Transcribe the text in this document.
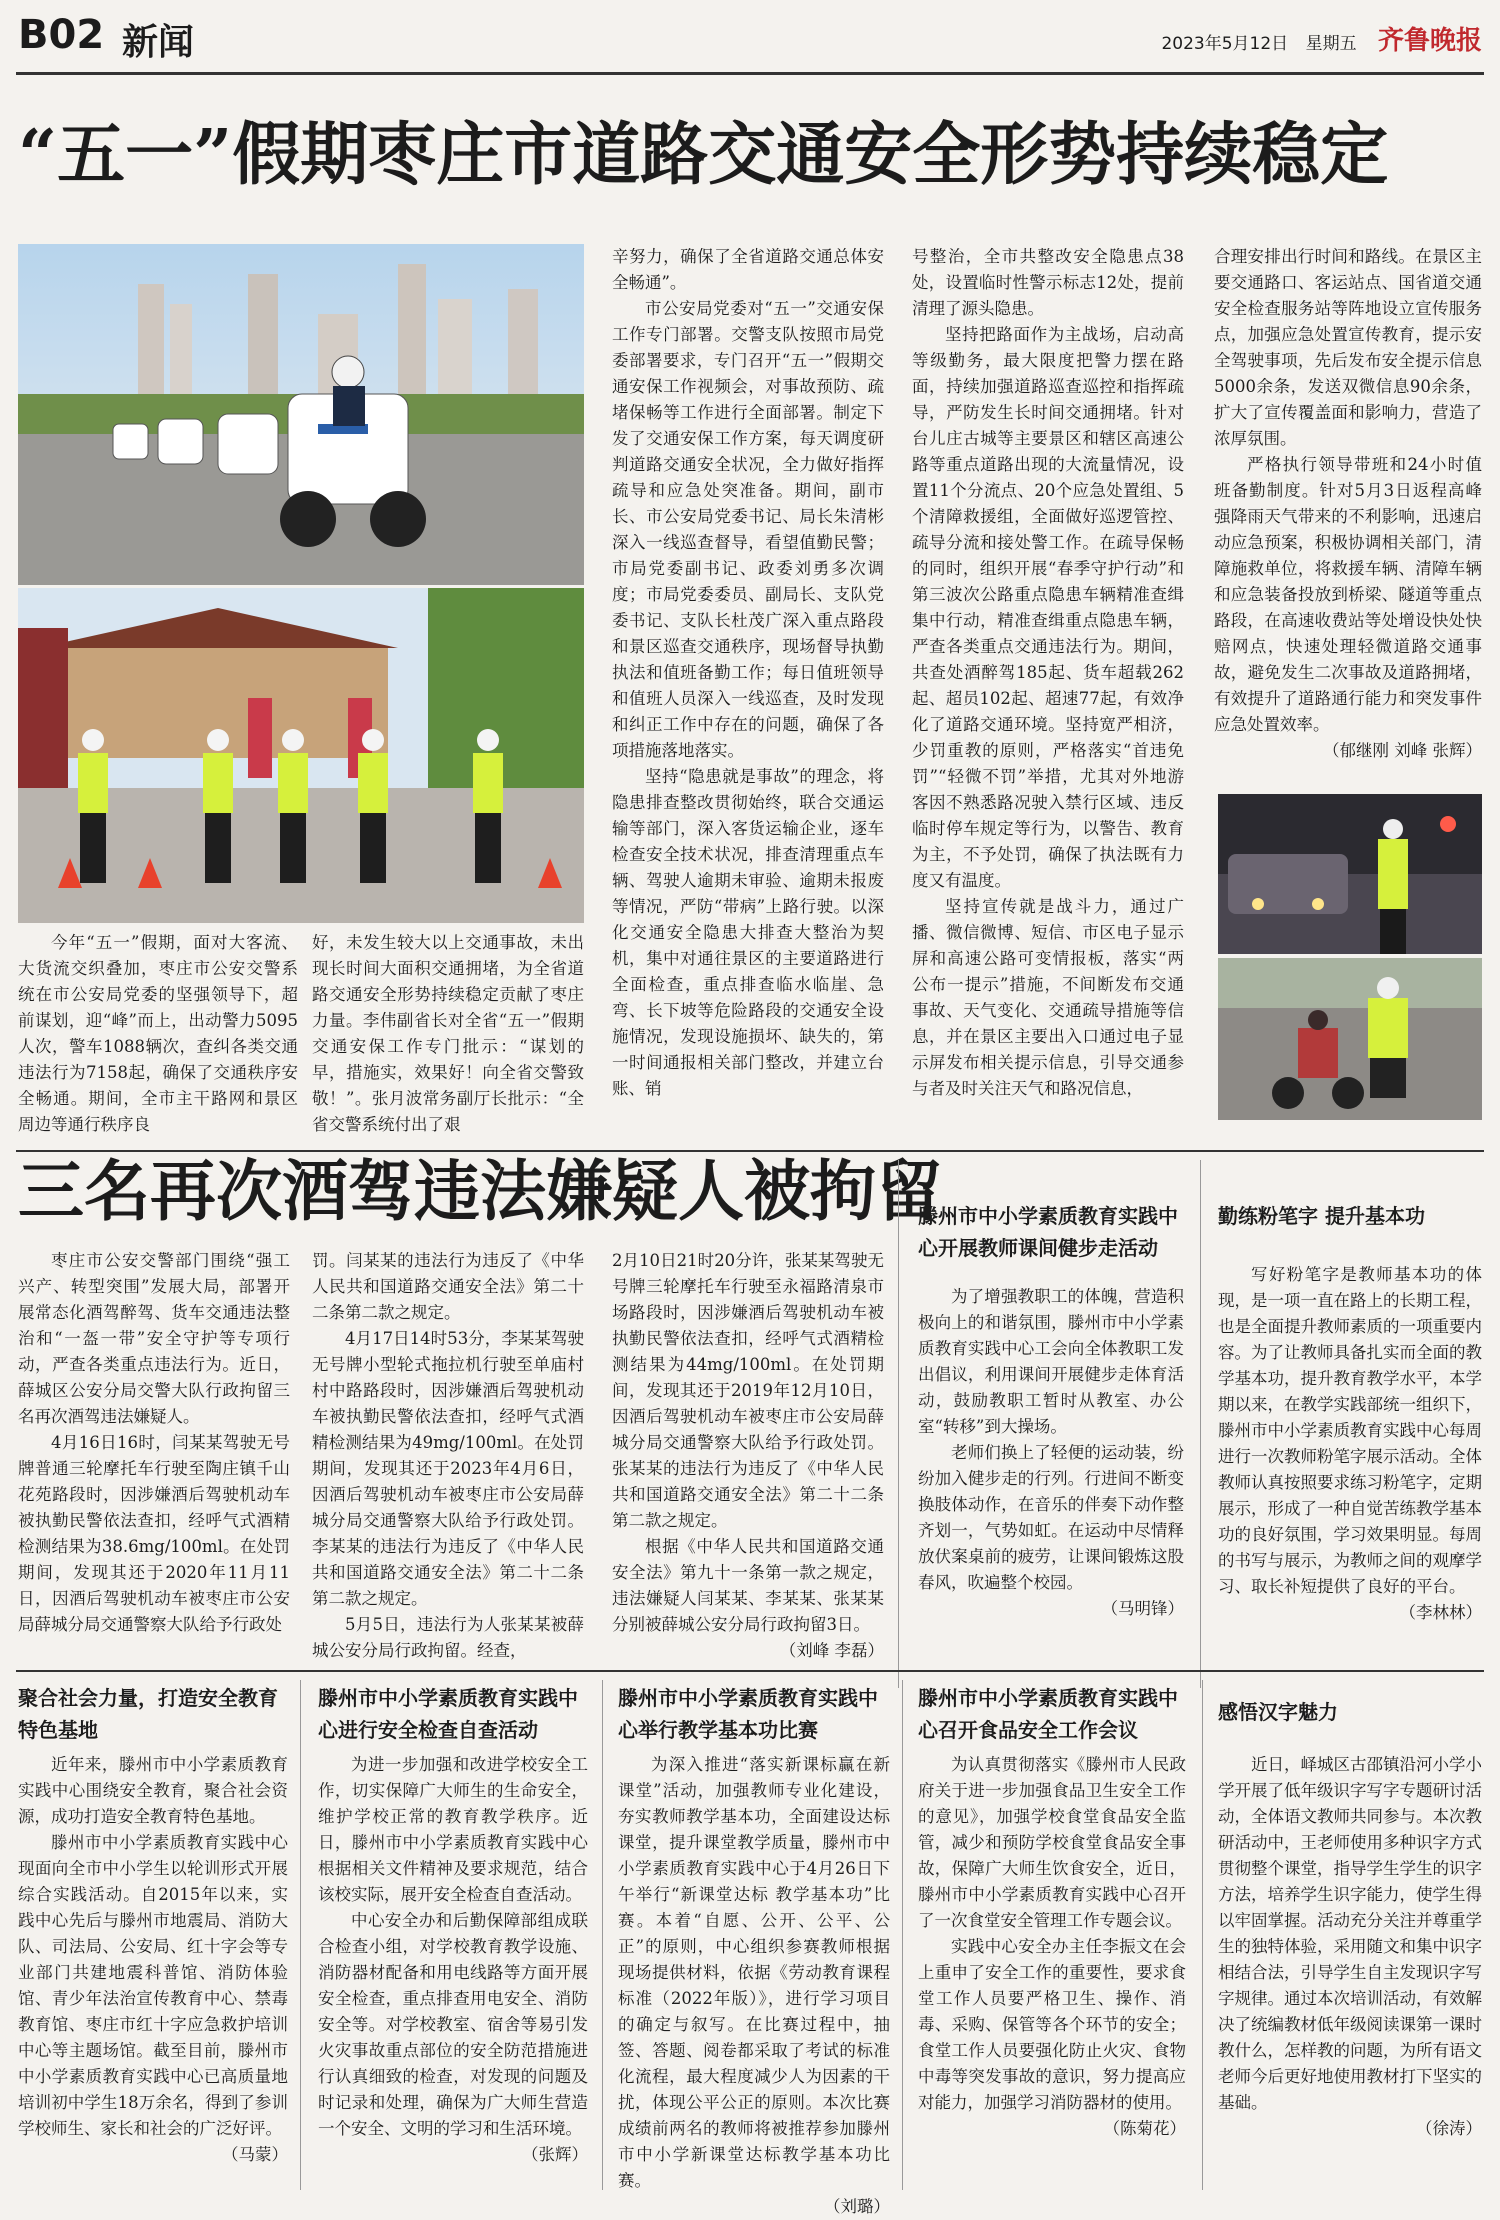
B02 新闻	2023年5月12日 星期五 齐鲁晚报
“五一”假期枣庄市道路交通安全形势持续稳定

今年“五一”假期，面对大客流、大货流交织叠加，枣庄市公安交警系统在市公安局党委的坚强领导下，超前谋划，迎“峰”而上，出动警力5095人次，警车1088辆次，查纠各类交通违法行为7158起，确保了交通秩序安全畅通。期间，全市主干路网和景区周边等通行秩序良

好，未发生较大以上交通事故，未出现长时间大面积交通拥堵，为全省道路交通安全形势持续稳定贡献了枣庄力量。李伟副省长对全省“五一”假期交通安保工作专门批示：“谋划的早，措施实，效果好！向全省交警致敬！”。张月波常务副厅长批示：“全省交警系统付出了艰

辛努力，确保了全省道路交通总体安全畅通”。

市公安局党委对“五一”交通安保工作专门部署。交警支队按照市局党委部署要求，专门召开“五一”假期交通安保工作视频会，对事故预防、疏堵保畅等工作进行全面部署。制定下发了交通安保工作方案，每天调度研判道路交通安全状况，全力做好指挥疏导和应急处突准备。期间，副市长、市公安局党委书记、局长朱清彬深入一线巡查督导，看望值勤民警；市局党委副书记、政委刘勇多次调度；市局党委委员、副局长、支队党委书记、支队长杜茂广深入重点路段和景区巡查交通秩序，现场督导执勤执法和值班备勤工作；每日值班领导和值班人员深入一线巡查，及时发现和纠正工作中存在的问题，确保了各项措施落地落实。

坚持“隐患就是事故”的理念，将隐患排查整改贯彻始终，联合交通运输等部门，深入客货运输企业，逐车检查安全技术状况，排查清理重点车辆、驾驶人逾期未审验、逾期未报废等情况，严防“带病”上路行驶。以深化交通安全隐患大排查大整治为契机，集中对通往景区的主要道路进行全面检查，重点排查临水临崖、急弯、长下坡等危险路段的交通安全设施情况，发现设施损坏、缺失的，第一时间通报相关部门整改，并建立台账、销

号整治，全市共整改安全隐患点38处，设置临时性警示标志12处，提前清理了源头隐患。

坚持把路面作为主战场，启动高等级勤务，最大限度把警力摆在路面，持续加强道路巡查巡控和指挥疏导，严防发生长时间交通拥堵。针对台儿庄古城等主要景区和辖区高速公路等重点道路出现的大流量情况，设置11个分流点、20个应急处置组、5个清障救援组，全面做好巡逻管控、疏导分流和接处警工作。在疏导保畅的同时，组织开展“春季守护行动”和第三波次公路重点隐患车辆精准查缉集中行动，精准查缉重点隐患车辆，严查各类重点交通违法行为。期间，共查处酒醉驾185起、货车超载262起、超员102起、超速77起，有效净化了道路交通环境。坚持宽严相济，少罚重教的原则，严格落实“首违免罚”“轻微不罚”举措，尤其对外地游客因不熟悉路况驶入禁行区域、违反临时停车规定等行为，以警告、教育为主，不予处罚，确保了执法既有力度又有温度。

坚持宣传就是战斗力，通过广播、微信微博、短信、市区电子显示屏和高速公路可变情报板，落实“两公布一提示”措施，不间断发布交通事故、天气变化、交通疏导措施等信息，并在景区主要出入口通过电子显示屏发布相关提示信息，引导交通参与者及时关注天气和路况信息，

合理安排出行时间和路线。在景区主要交通路口、客运站点、国省道交通安全检查服务站等阵地设立宣传服务点，加强应急处置宣传教育，提示安全驾驶事项，先后发布安全提示信息5000余条，发送双微信息90余条，扩大了宣传覆盖面和影响力，营造了浓厚氛围。

严格执行领导带班和24小时值班备勤制度。针对5月3日返程高峰强降雨天气带来的不利影响，迅速启动应急预案，积极协调相关部门，清障施救单位，将救援车辆、清障车辆和应急装备投放到桥梁、隧道等重点路段，在高速收费站等处增设快处快赔网点，快速处理轻微道路交通事故，避免发生二次事故及道路拥堵，有效提升了道路通行能力和突发事件应急处置效率。

（郁继刚 刘峰 张辉）

三名再次酒驾违法嫌疑人被拘留

枣庄市公安交警部门围绕“强工兴产、转型突围”发展大局，部署开展常态化酒驾醉驾、货车交通违法整治和“一盔一带”安全守护等专项行动，严查各类重点违法行为。近日，薛城区公安分局交警大队行政拘留三名再次酒驾违法嫌疑人。

4月16日16时，闫某某驾驶无号牌普通三轮摩托车行驶至陶庄镇千山花苑路段时，因涉嫌酒后驾驶机动车被执勤民警依法查扣，经呼气式酒精检测结果为38.6mg/100ml。在处罚期间，发现其还于2020年11月11日，因酒后驾驶机动车被枣庄市公安局薛城分局交通警察大队给予行政处

罚。闫某某的违法行为违反了《中华人民共和国道路交通安全法》第二十二条第二款之规定。

4月17日14时53分，李某某驾驶无号牌小型轮式拖拉机行驶至单庙村村中路路段时，因涉嫌酒后驾驶机动车被执勤民警依法查扣，经呼气式酒精检测结果为49mg/100ml。在处罚期间，发现其还于2023年4月6日，因酒后驾驶机动车被枣庄市公安局薛城分局交通警察大队给予行政处罚。李某某的违法行为违反了《中华人民共和国道路交通安全法》第二十二条第二款之规定。

5月5日，违法行为人张某某被薛城公安分局行政拘留。经查，

2月10日21时20分许，张某某驾驶无号牌三轮摩托车行驶至永福路清泉市场路段时，因涉嫌酒后驾驶机动车被执勤民警依法查扣，经呼气式酒精检测结果为44mg/100ml。在处罚期间，发现其还于2019年12月10日，因酒后驾驶机动车被枣庄市公安局薛城分局交通警察大队给予行政处罚。张某某的违法行为违反了《中华人民共和国道路交通安全法》第二十二条第二款之规定。

根据《中华人民共和国道路交通安全法》第九十一条第一款之规定，违法嫌疑人闫某某、李某某、张某某分别被薛城公安分局行政拘留3日。

（刘峰 李磊）

滕州市中小学素质教育实践中心开展教师课间健步走活动

为了增强教职工的体魄，营造积极向上的和谐氛围，滕州市中小学素质教育实践中心工会向全体教职工发出倡议，利用课间开展健步走体育活动，鼓励教职工暂时从教室、办公室“转移”到大操场。

老师们换上了轻便的运动装，纷纷加入健步走的行列。行进间不断变换肢体动作，在音乐的伴奏下动作整齐划一，气势如虹。在运动中尽情释放伏案桌前的疲劳，让课间锻炼这股春风，吹遍整个校园。

（马明锋）

勤练粉笔字 提升基本功

写好粉笔字是教师基本功的体现，是一项一直在路上的长期工程，也是全面提升教师素质的一项重要内容。为了让教师具备扎实而全面的教学基本功，提升教育教学水平，本学期以来，在教学实践部统一组织下，滕州市中小学素质教育实践中心每周进行一次教师粉笔字展示活动。全体教师认真按照要求练习粉笔字，定期展示，形成了一种自觉苦练教学基本功的良好氛围，学习效果明显。每周的书写与展示，为教师之间的观摩学习、取长补短提供了良好的平台。

（李林林）

聚合社会力量，打造安全教育特色基地

近年来，滕州市中小学素质教育实践中心围绕安全教育，聚合社会资源，成功打造安全教育特色基地。

滕州市中小学素质教育实践中心现面向全市中小学生以轮训形式开展综合实践活动。自2015年以来，实践中心先后与滕州市地震局、消防大队、司法局、公安局、红十字会等专业部门共建地震科普馆、消防体验馆、青少年法治宣传教育中心、禁毒教育馆、枣庄市红十字应急救护培训中心等主题场馆。截至目前，滕州市中小学素质教育实践中心已高质量地培训初中学生18万余名，得到了参训学校师生、家长和社会的广泛好评。

（马蒙）

滕州市中小学素质教育实践中心进行安全检查自查活动

为进一步加强和改进学校安全工作，切实保障广大师生的生命安全，维护学校正常的教育教学秩序。近日，滕州市中小学素质教育实践中心根据相关文件精神及要求规范，结合该校实际，展开安全检查自查活动。

中心安全办和后勤保障部组成联合检查小组，对学校教育教学设施、消防器材配备和用电线路等方面开展安全检查，重点排查用电安全、消防安全等。对学校教室、宿舍等易引发火灾事故重点部位的安全防范措施进行认真细致的检查，对发现的问题及时记录和处理，确保为广大师生营造一个安全、文明的学习和生活环境。

（张辉）

滕州市中小学素质教育实践中心举行教学基本功比赛

为深入推进“落实新课标赢在新课堂”活动，加强教师专业化建设，夯实教师教学基本功，全面建设达标课堂，提升课堂教学质量，滕州市中小学素质教育实践中心于4月26日下午举行“新课堂达标 教学基本功”比赛。本着“自愿、公开、公平、公正”的原则，中心组织参赛教师根据现场提供材料，依据《劳动教育课程标准（2022年版）》，进行学习项目的确定与叙写。在比赛过程中，抽签、答题、阅卷都采取了考试的标准化流程，最大程度减少人为因素的干扰，体现公平公正的原则。本次比赛成绩前两名的教师将被推荐参加滕州市中小学新课堂达标教学基本功比赛。

（刘璐）

滕州市中小学素质教育实践中心召开食品安全工作会议

为认真贯彻落实《滕州市人民政府关于进一步加强食品卫生安全工作的意见》，加强学校食堂食品安全监管，减少和预防学校食堂食品安全事故，保障广大师生饮食安全，近日，滕州市中小学素质教育实践中心召开了一次食堂安全管理工作专题会议。

实践中心安全办主任李振文在会上重申了安全工作的重要性，要求食堂工作人员要严格卫生、操作、消毒、采购、保管等各个环节的安全；食堂工作人员要强化防止火灾、食物中毒等突发事故的意识，努力提高应对能力，加强学习消防器材的使用。

（陈菊花）

感悟汉字魅力

近日，峄城区古邵镇沿河小学小学开展了低年级识字写字专题研讨活动，全体语文教师共同参与。本次教研活动中，王老师使用多种识字方式贯彻整个课堂，指导学生学生的识字方法，培养学生识字能力，使学生得以牢固掌握。活动充分关注并尊重学生的独特体验，采用随文和集中识字相结合法，引导学生自主发现识字写字规律。通过本次培训活动，有效解决了统编教材低年级阅读课第一课时教什么，怎样教的问题，为所有语文老师今后更好地使用教材打下坚实的基础。

（徐涛）
